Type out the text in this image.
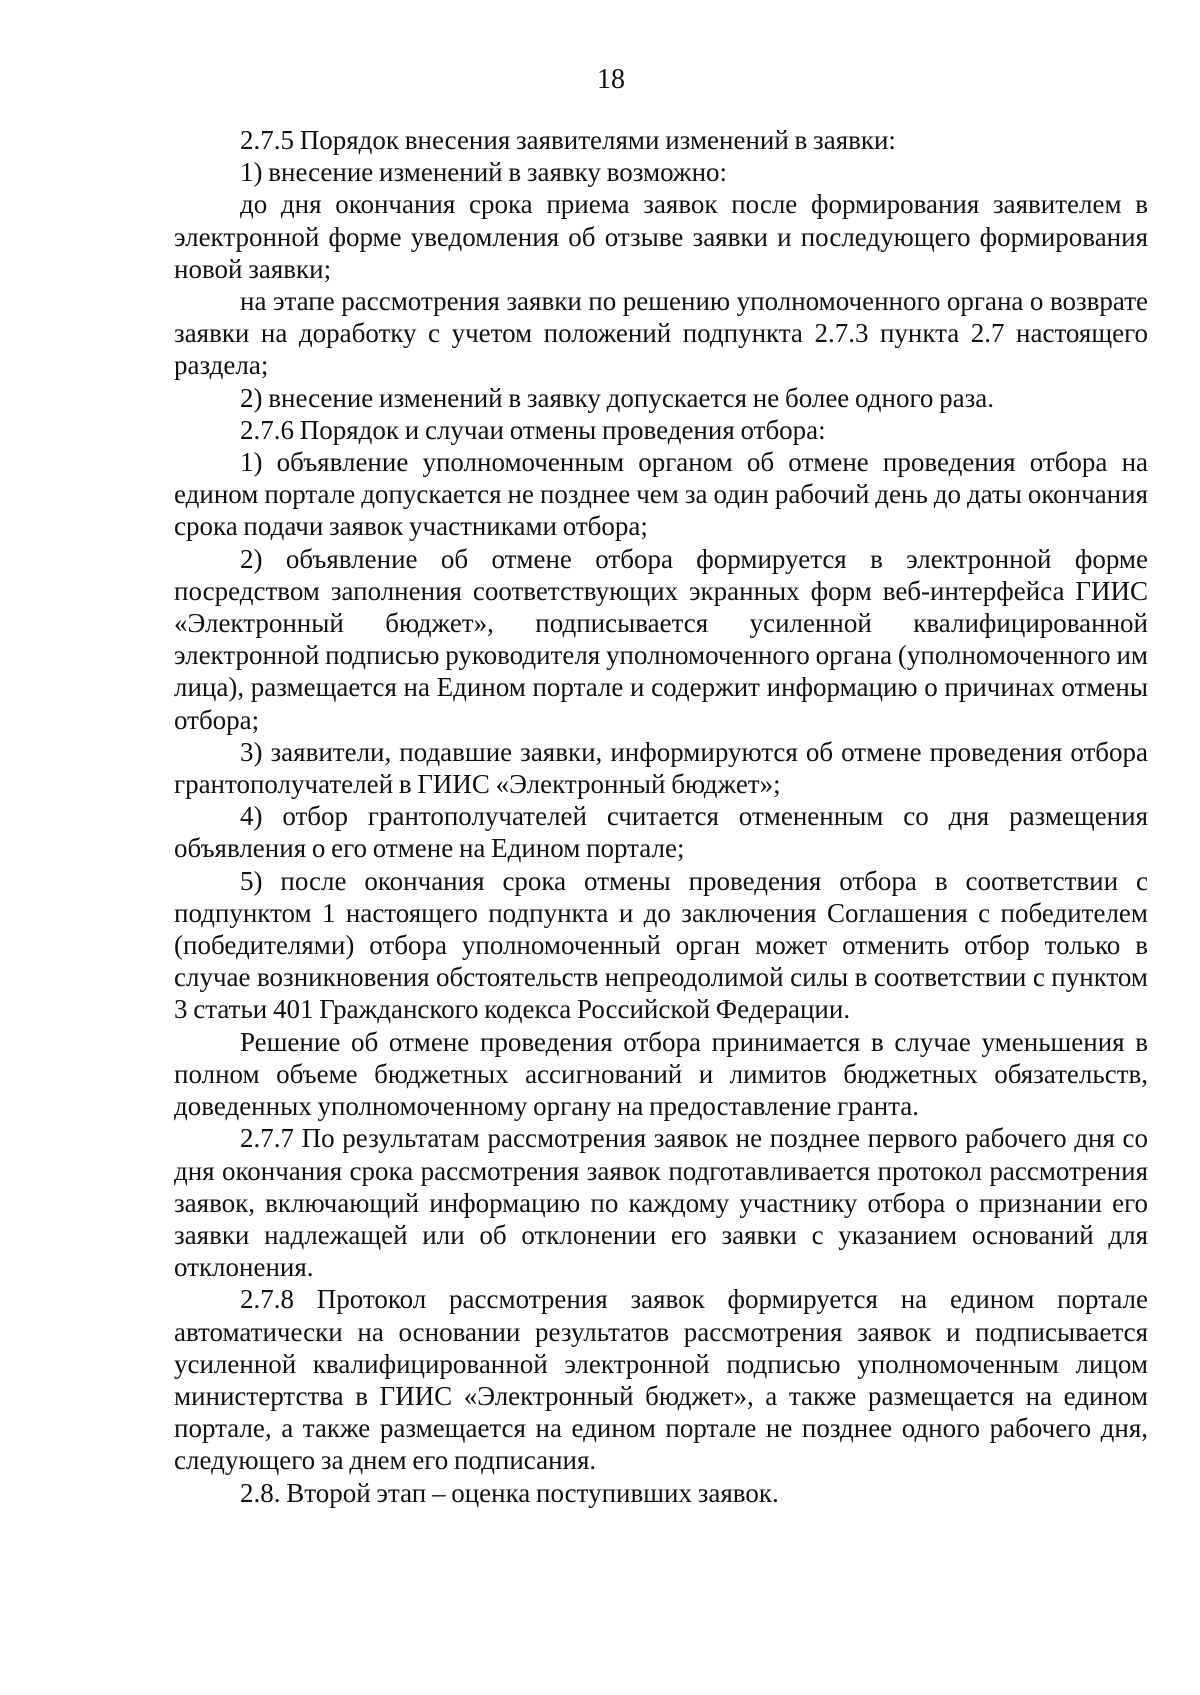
18

2.7.5 Порядок внесения заявителями изменений в заявки:

1) внесение изменений в заявку возможно:

до дня окончания срока приема заявок после формирования заявителем в электронной форме уведомления об отзыве заявки и последующего формирования новой заявки;

на этапе рассмотрения заявки по решению уполномоченного органа о возврате заявки на доработку с учетом положений подпункта 2.7.3 пункта 2.7 настоящего раздела;

2) внесение изменений в заявку допускается не более одного раза.

2.7.6 Порядок и случаи отмены проведения отбора:

1) объявление уполномоченным органом об отмене проведения отбора на едином портале допускается не позднее чем за один рабочий день до даты окончания срока подачи заявок участниками отбора;

2) объявление об отмене отбора формируется в электронной форме посредством заполнения соответствующих экранных форм веб-интерфейса ГИИС «Электронный бюджет», подписывается усиленной квалифицированной электронной подписью руководителя уполномоченного органа (уполномоченного им лица), размещается на Едином портале и содержит информацию о причинах отмены отбора;

3) заявители, подавшие заявки, информируются об отмене проведения отбора грантополучателей в ГИИС «Электронный бюджет»;

4) отбор грантополучателей считается отмененным со дня размещения объявления о его отмене на Едином портале;

5) после окончания срока отмены проведения отбора в соответствии с подпунктом 1 настоящего подпункта и до заключения Соглашения с победителем (победителями) отбора уполномоченный орган может отменить отбор только в случае возникновения обстоятельств непреодолимой силы в соответствии с пунктом 3 статьи 401 Гражданского кодекса Российской Федерации.

Решение об отмене проведения отбора принимается в случае уменьшения в полном объеме бюджетных ассигнований и лимитов бюджетных обязательств, доведенных уполномоченному органу на предоставление гранта.

2.7.7 По результатам рассмотрения заявок не позднее первого рабочего дня со дня окончания срока рассмотрения заявок подготавливается протокол рассмотрения заявок, включающий информацию по каждому участнику отбора о признании его заявки надлежащей или об отклонении его заявки с указанием оснований для отклонения.

2.7.8 Протокол рассмотрения заявок формируется на едином портале автоматически на основании результатов рассмотрения заявок и подписывается усиленной квалифицированной электронной подписью уполномоченным лицом министертства в ГИИС «Электронный бюджет», а также размещается на едином портале, а также размещается на едином портале не позднее одного рабочего дня, следующего за днем его подписания.

2.8. Второй этап – оценка поступивших заявок.
